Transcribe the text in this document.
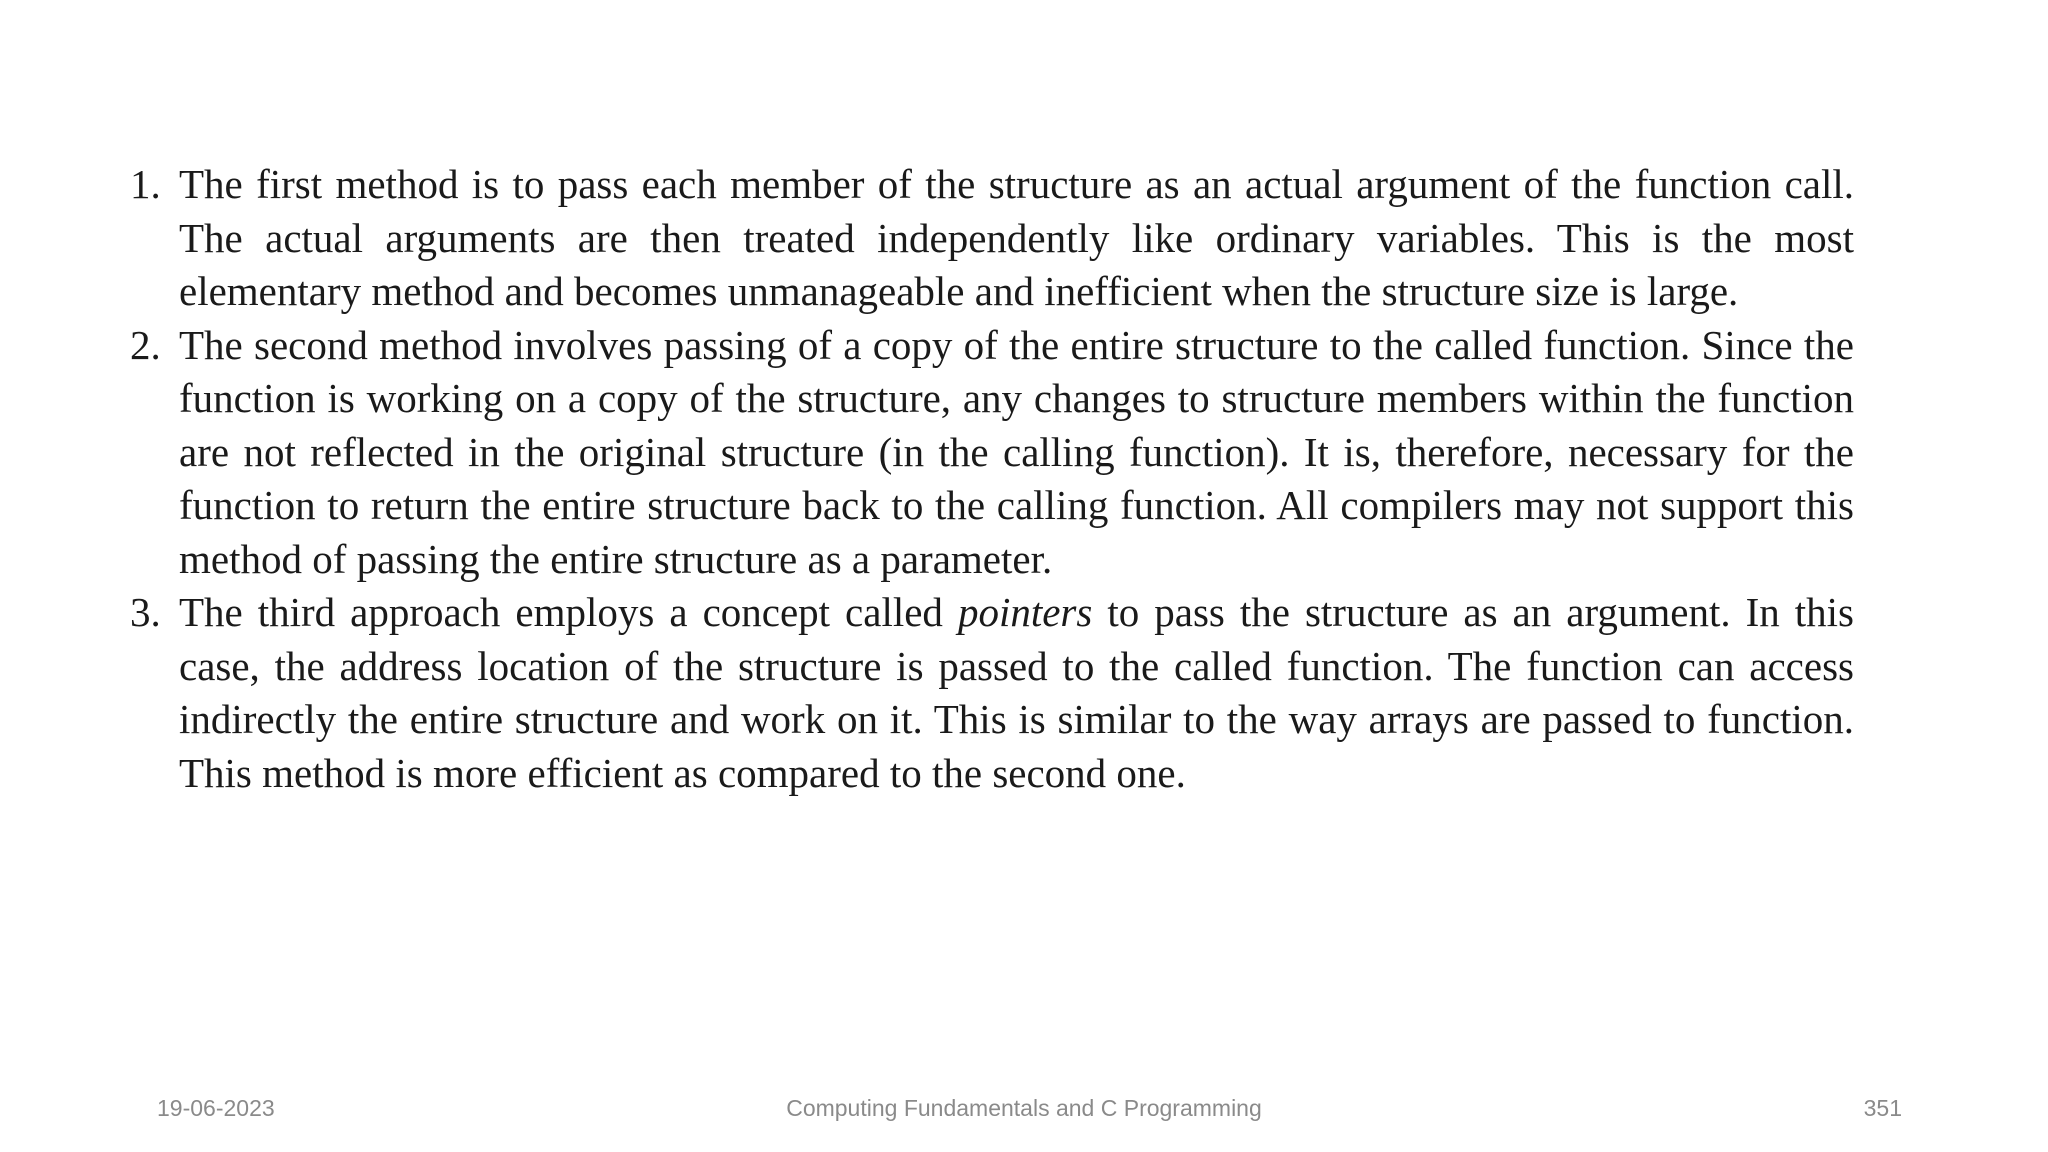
1. The first method is to pass each member of the structure as an actual argument of the function call. The actual arguments are then treated independently like ordinary variables. This is the most elementary method and becomes unmanageable and inefficient when the structure size is large.
2. The second method involves passing of a copy of the entire structure to the called function. Since the function is working on a copy of the structure, any changes to structure members within the function are not reflected in the original structure (in the calling function). It is, therefore, necessary for the function to return the entire structure back to the calling function. All compilers may not support this method of passing the entire structure as a parameter.
3. The third approach employs a concept called pointers to pass the structure as an argument. In this case, the address location of the structure is passed to the called function. The function can access indirectly the entire structure and work on it. This is similar to the way arrays are passed to function. This method is more efficient as compared to the second one.
19-06-2023	Computing Fundamentals and C Programming	351
